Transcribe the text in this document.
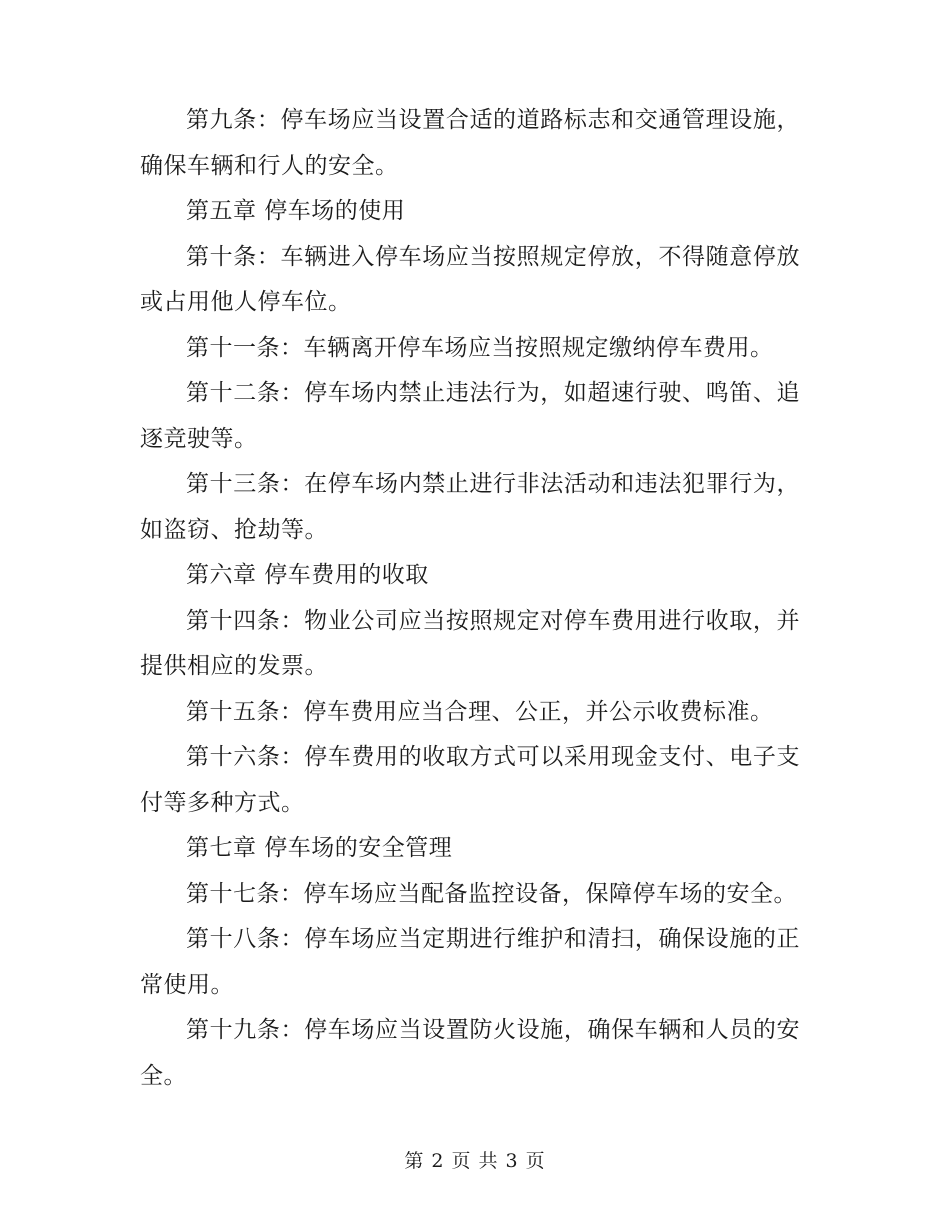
第九条：停车场应当设置合适的道路标志和交通管理设施，确保车辆和行人的安全。

第五章 停车场的使用

第十条：车辆进入停车场应当按照规定停放，不得随意停放或占用他人停车位。

第十一条：车辆离开停车场应当按照规定缴纳停车费用。

第十二条：停车场内禁止违法行为，如超速行驶、鸣笛、追逐竞驶等。

第十三条：在停车场内禁止进行非法活动和违法犯罪行为，如盗窃、抢劫等。

第六章 停车费用的收取

第十四条：物业公司应当按照规定对停车费用进行收取，并提供相应的发票。

第十五条：停车费用应当合理、公正，并公示收费标准。

第十六条：停车费用的收取方式可以采用现金支付、电子支付等多种方式。

第七章 停车场的安全管理

第十七条：停车场应当配备监控设备，保障停车场的安全。

第十八条：停车场应当定期进行维护和清扫，确保设施的正常使用。

第十九条：停车场应当设置防火设施，确保车辆和人员的安全。

第 2 页 共 3 页
